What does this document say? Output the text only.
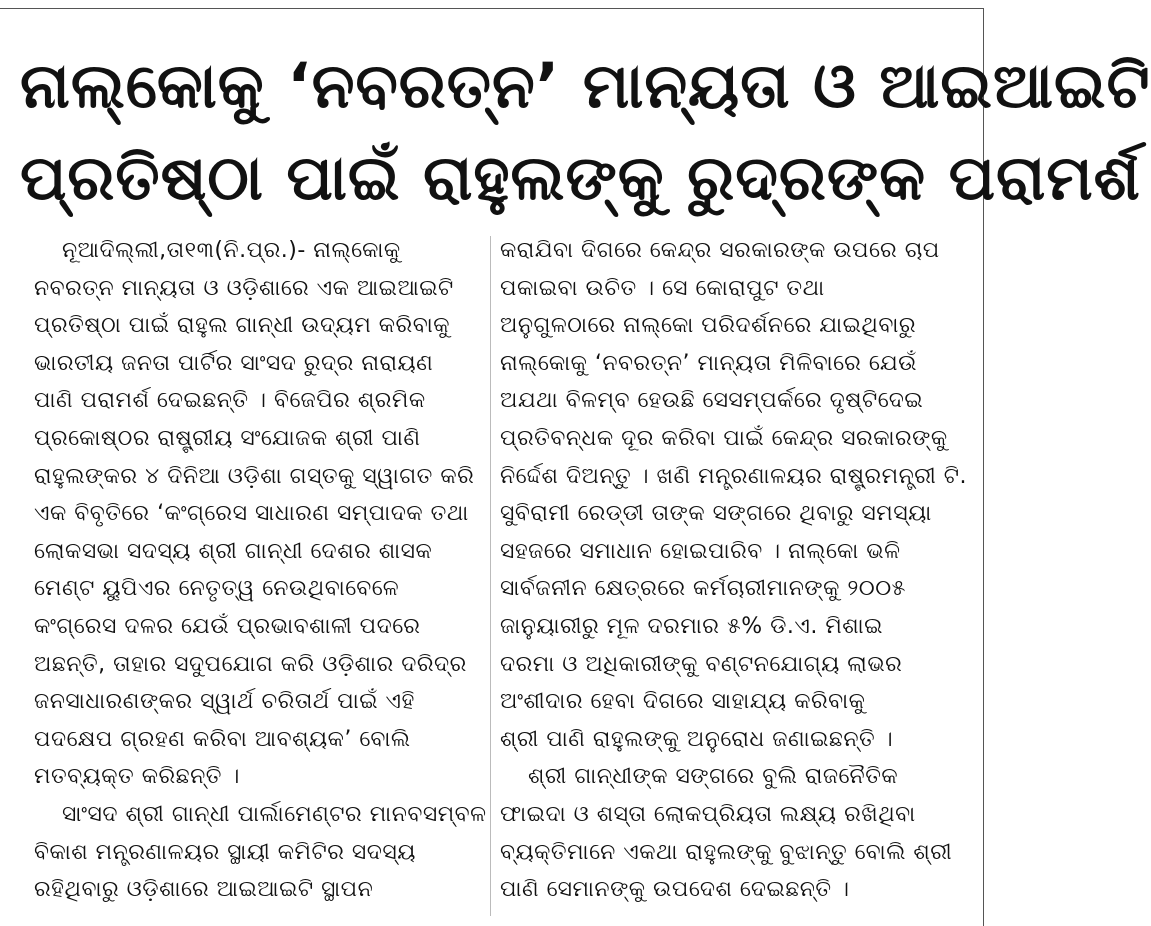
ନାଲ୍‌କୋକୁ ‘ନବରତ୍ନ’ ମାନ୍ୟତା ଓ ଆଇଆଇଟି
ପ୍ରତିଷ୍ଠା ପାଇଁ ରାହୁଲଙ୍କୁ ରୁଦ୍ରଙ୍କ ପରାମର୍ଶ
ନୂଆଦିଲ୍ଲୀ,ତା୧୩(ନି.ପ୍ର.)- ନାଲ୍‌କୋକୁ
ନବରତ୍ନ ମାନ୍ୟତା ଓ ଓଡ଼ିଶାରେ ଏକ ଆଇଆଇଟି
ପ୍ରତିଷ୍ଠା ପାଇଁ ରାହୁଲ ଗାନ୍ଧୀ ଉଦ୍ୟମ କରିବାକୁ
ଭାରତୀୟ ଜନତା ପାର୍ଟିର ସାଂସଦ ରୁଦ୍ର ନାରାୟଣ
ପାଣି ପରାମର୍ଶ ଦେଇଛନ୍ତି । ବିଜେପିର ଶ୍ରମିକ
ପ୍ରକୋଷ୍ଠର ରାଷ୍ଟ୍ରୀୟ ସଂଯୋଜକ ଶ୍ରୀ ପାଣି
ରାହୁଲଙ୍କର ୪ ଦିନିଆ ଓଡ଼ିଶା ଗସ୍ତକୁ ସ୍ୱାଗତ କରି
ଏକ ବିବୃତିରେ ‘କଂଗ୍ରେସ ସାଧାରଣ ସମ୍ପାଦକ ତଥା
ଲୋକସଭା ସଦସ୍ୟ ଶ୍ରୀ ଗାନ୍ଧୀ ଦେଶର ଶାସକ
ମେଣ୍ଟ ୟୁପିଏର ନେତୃତ୍ୱ ନେଉଥିବାବେଳେ
କଂଗ୍ରେସ ଦଳର ଯେଉଁ ପ୍ରଭାବଶାଳୀ ପଦରେ
ଅଛନ୍ତି, ତାହାର ସଦୁପଯୋଗ କରି ଓଡ଼ିଶାର ଦରିଦ୍ର
ଜନସାଧାରଣଙ୍କର ସ୍ୱାର୍ଥ ଚରିତାର୍ଥ ପାଇଁ ଏହି
ପଦକ୍ଷେପ ଗ୍ରହଣ କରିବା ଆବଶ୍ୟକ’ ବୋଲି
ମତବ୍ୟକ୍ତ କରିଛନ୍ତି ।
ସାଂସଦ ଶ୍ରୀ ଗାନ୍ଧୀ ପାର୍ଲାମେଣ୍ଟର ମାନବସମ୍ବଳ
ବିକାଶ ମନ୍ତ୍ରଣାଳୟର ସ୍ଥାୟୀ କମିଟିର ସଦସ୍ୟ
ରହିଥିବାରୁ ଓଡ଼ିଶାରେ ଆଇଆଇଟି ସ୍ଥାପନ
କରାଯିବା ଦିଗରେ କେନ୍ଦ୍ର ସରକାରଙ୍କ ଉପରେ ଚାପ
ପକାଇବା ଉଚିତ । ସେ କୋରାପୁଟ ତଥା
ଅନୁଗୁଳଠାରେ ନାଲ୍‌କୋ ପରିଦର୍ଶନରେ ଯାଇଥିବାରୁ
ନାଲ୍‌କୋକୁ ‘ନବରତ୍ନ’ ମାନ୍ୟତା ମିଳିବାରେ ଯେଉଁ
ଅଯଥା ବିଳମ୍ବ ହେଉଛି ସେସମ୍ପର୍କରେ ଦୃଷ୍ଟିଦେଇ
ପ୍ରତିବନ୍ଧକ ଦୂର କରିବା ପାଇଁ କେନ୍ଦ୍ର ସରକାରଙ୍କୁ
ନିର୍ଦ୍ଦେଶ ଦିଅନ୍ତୁ । ଖଣି ମନ୍ତ୍ରଣାଳୟର ରାଷ୍ଟ୍ରମନ୍ତ୍ରୀ ଟି.
ସୁବିରାମୀ ରେଡ୍ଡୀ ତାଙ୍କ ସଙ୍ଗରେ ଥିବାରୁ ସମସ୍ୟା
ସହଜରେ ସମାଧାନ ହୋଇପାରିବ । ନାଲ୍‌କୋ ଭଳି
ସାର୍ବଜନୀନ କ୍ଷେତ୍ରରେ କର୍ମଚାରୀମାନଙ୍କୁ ୨୦୦୫
ଜାନୁୟାରୀରୁ ମୂଳ ଦରମାର ୫% ଡି.ଏ. ମିଶାଇ
ଦରମା ଓ ଅଧିକାରୀଙ୍କୁ ବଣ୍ଟନଯୋଗ୍ୟ ଲାଭର
ଅଂଶୀଦାର ହେବା ଦିଗରେ ସାହାଯ୍ୟ କରିବାକୁ
ଶ୍ରୀ ପାଣି ରାହୁଲଙ୍କୁ ଅନୁରୋଧ ଜଣାଇଛନ୍ତି ।
ଶ୍ରୀ ଗାନ୍ଧୀଙ୍କ ସଙ୍ଗରେ ବୁଲି ରାଜନୈତିକ
ଫାଇଦା ଓ ଶସ୍ତା ଲୋକପ୍ରିୟତା ଲକ୍ଷ୍ୟ ରଖିଥିବା
ବ୍ୟକ୍ତିମାନେ ଏକଥା ରାହୁଲଙ୍କୁ ବୁଝାନ୍ତୁ ବୋଲି ଶ୍ରୀ
ପାଣି ସେମାନଙ୍କୁ ଉପଦେଶ ଦେଇଛନ୍ତି ।
